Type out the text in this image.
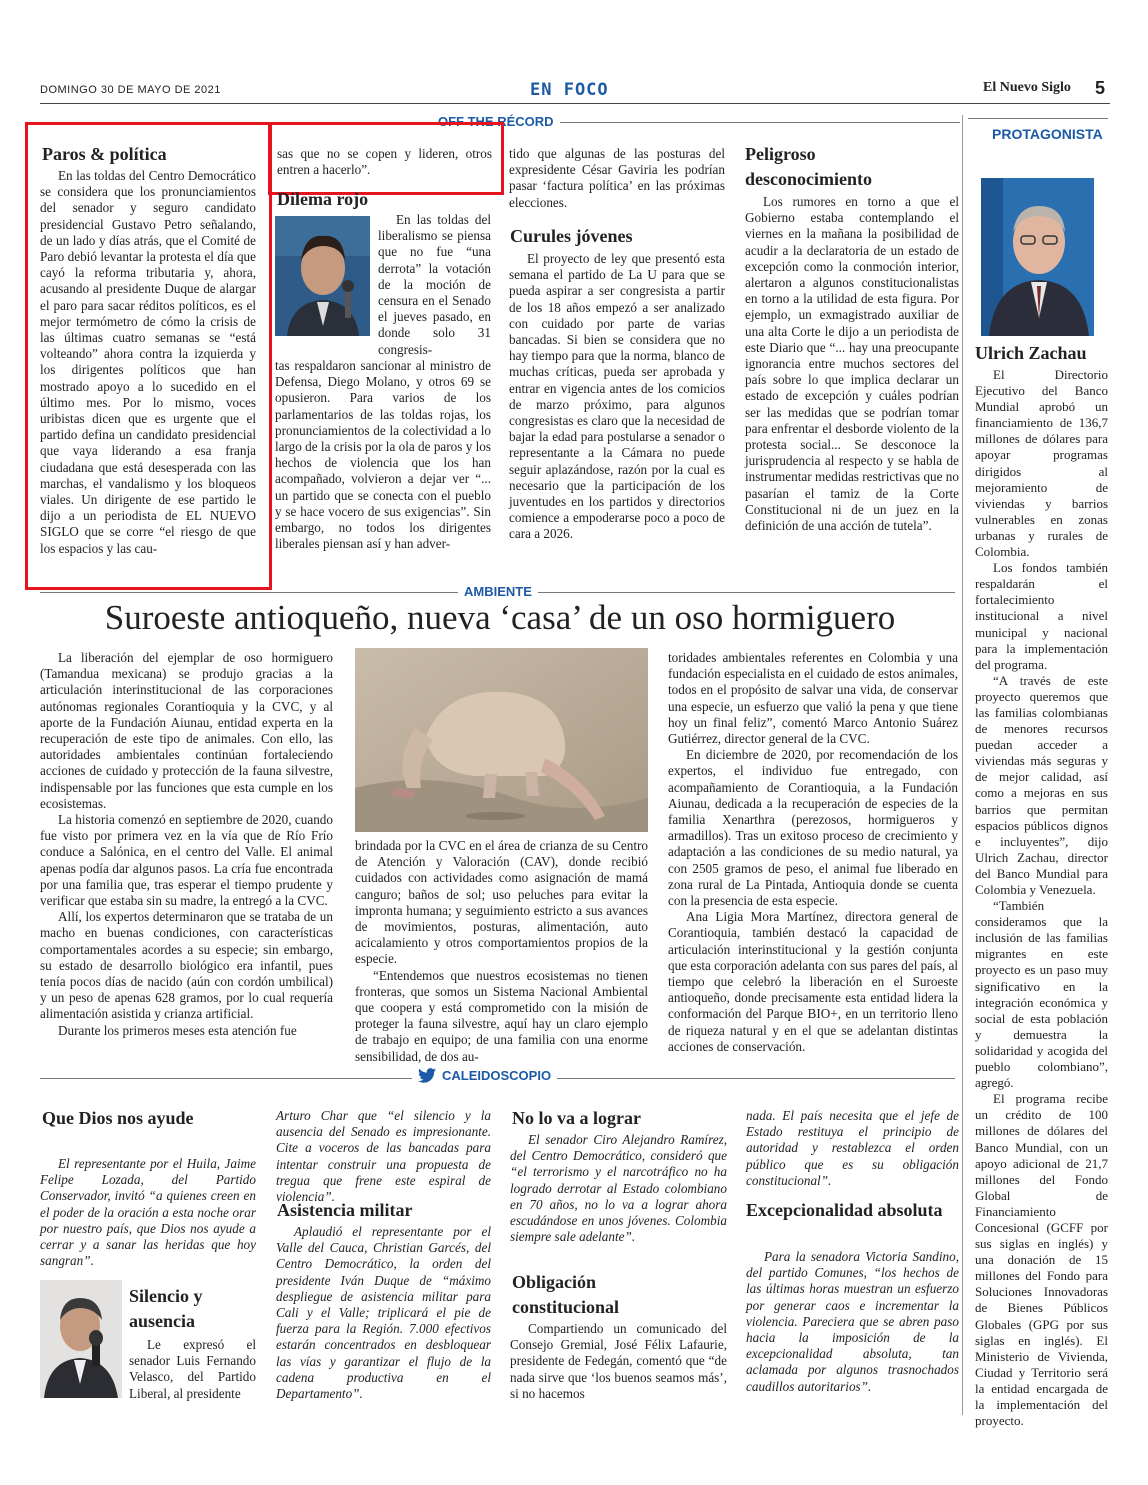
DOMINGO 30 DE MAYO DE 2021	EN FOCO	El Nuevo Siglo 5
OFF THE RÉCORD
PROTAGONISTA
Paros & política

En las toldas del Centro Democrático se considera que los pronunciamientos del senador y seguro candidato presidencial Gustavo Petro señalando, de un lado y días atrás, que el Comité de Paro debió levantar la protesta el día que cayó la reforma tributaria y, ahora, acusando al presidente Duque de alargar el paro para sacar réditos políticos, es el mejor termómetro de cómo la crisis de las últimas cuatro semanas se “está volteando” ahora contra la izquierda y los dirigentes políticos que han mostrado apoyo a lo sucedido en el último mes. Por lo mismo, voces uribistas dicen que es urgente que el partido defina un candidato presidencial que vaya liderando a esa franja ciudadana que está desesperada con las marchas, el vandalismo y los bloqueos viales. Un dirigente de ese partido le dijo a un periodista de EL NUEVO SIGLO que se corre “el riesgo de que los espacios y las cau-

sas que no se copen y lideren, otros entren a hacerlo”.

Dilema rojo

En las toldas del liberalismo se piensa que no fue “una derrota” la votación de la moción de censura en el Senado el jueves pasado, en donde solo 31 congresis-

tas respaldaron sancionar al ministro de Defensa, Diego Molano, y otros 69 se opusieron. Para varios de los parlamentarios de las toldas rojas, los pronunciamientos de la colectividad a lo largo de la crisis por la ola de paros y los hechos de violencia que los han acompañado, volvieron a dejar ver “... un partido que se conecta con el pueblo y se hace vocero de sus exigencias”. Sin embargo, no todos los dirigentes liberales piensan así y han adver-

tido que algunas de las posturas del expresidente César Gaviria les podrían pasar ‘factura política’ en las próximas elecciones.

Curules jóvenes

El proyecto de ley que presentó esta semana el partido de La U para que se pueda aspirar a ser congresista a partir de los 18 años empezó a ser analizado con cuidado por parte de varias bancadas. Si bien se considera que no hay tiempo para que la norma, blanco de muchas críticas, pueda ser aprobada y entrar en vigencia antes de los comicios de marzo próximo, para algunos congresistas es claro que la necesidad de bajar la edad para postularse a senador o representante a la Cámara no puede seguir aplazándose, razón por la cual es necesario que la participación de los juventudes en los partidos y directorios comience a empoderarse poco a poco de cara a 2026.

Peligroso desconocimiento

Los rumores en torno a que el Gobierno estaba contemplando el viernes en la mañana la posibilidad de acudir a la declaratoria de un estado de excepción como la conmoción interior, alertaron a algunos constitucionalistas en torno a la utilidad de esta figura. Por ejemplo, un exmagistrado auxiliar de una alta Corte le dijo a un periodista de este Diario que “... hay una preocupante ignorancia entre muchos sectores del país sobre lo que implica declarar un estado de excepción y cuáles podrían ser las medidas que se podrían tomar para enfrentar el desborde violento de la protesta social... Se desconoce la jurisprudencia al respecto y se habla de instrumentar medidas restrictivas que no pasarían el tamiz de la Corte Constitucional ni de un juez en la definición de una acción de tutela”.

Ulrich Zachau

El Directorio Ejecutivo del Banco Mundial aprobó un financiamiento de 136,7 millones de dólares para apoyar programas dirigidos al mejoramiento de viviendas y barrios vulnerables en zonas urbanas y rurales de Colombia.

Los fondos también respaldarán el fortalecimiento institucional a nivel municipal y nacional para la implementación del programa.

“A través de este proyecto queremos que las familias colombianas de menores recursos puedan acceder a viviendas más seguras y de mejor calidad, así como a mejoras en sus barrios que permitan espacios públicos dignos e incluyentes”, dijo Ulrich Zachau, director del Banco Mundial para Colombia y Venezuela.

“También consideramos que la inclusión de las familias migrantes en este proyecto es un paso muy significativo en la integración económica y social de esta población y demuestra la solidaridad y acogida del pueblo colombiano”, agregó.

El programa recibe un crédito de 100 millones de dólares del Banco Mundial, con un apoyo adicional de 21,7 millones del Fondo Global de Financiamiento Concesional (GCFF por sus siglas en inglés) y una donación de 15 millones del Fondo para Soluciones Innovadoras de Bienes Públicos Globales (GPG por sus siglas en inglés). El Ministerio de Vivienda, Ciudad y Territorio será la entidad encargada de la implementación del proyecto.

AMBIENTE
Suroeste antioqueño, nueva ‘casa’ de un oso hormiguero

La liberación del ejemplar de oso hormiguero (Tamandua mexicana) se produjo gracias a la articulación interinstitucional de las corporaciones autónomas regionales Corantioquia y la CVC, y al aporte de la Fundación Aiunau, entidad experta en la recuperación de este tipo de animales. Con ello, las autoridades ambientales continúan fortaleciendo acciones de cuidado y protección de la fauna silvestre, indispensable por las funciones que esta cumple en los ecosistemas.

La historia comenzó en septiembre de 2020, cuando fue visto por primera vez en la vía que de Río Frío conduce a Salónica, en el centro del Valle. El animal apenas podía dar algunos pasos. La cría fue encontrada por una familia que, tras esperar el tiempo prudente y verificar que estaba sin su madre, la entregó a la CVC.

Allí, los expertos determinaron que se trataba de un macho en buenas condiciones, con características comportamentales acordes a su especie; sin embargo, su estado de desarrollo biológico era infantil, pues tenía pocos días de nacido (aún con cordón umbilical) y un peso de apenas 628 gramos, por lo cual requería alimentación asistida y crianza artificial.

Durante los primeros meses esta atención fue

brindada por la CVC en el área de crianza de su Centro de Atención y Valoración (CAV), donde recibió cuidados con actividades como asignación de mamá canguro; baños de sol; uso peluches para evitar la impronta humana; y seguimiento estricto a sus avances de movimientos, posturas, alimentación, auto acicalamiento y otros comportamientos propios de la especie.

“Entendemos que nuestros ecosistemas no tienen fronteras, que somos un Sistema Nacional Ambiental que coopera y está comprometido con la misión de proteger la fauna silvestre, aquí hay un claro ejemplo de trabajo en equipo; de una familia con una enorme sensibilidad, de dos au-

toridades ambientales referentes en Colombia y una fundación especialista en el cuidado de estos animales, todos en el propósito de salvar una vida, de conservar una especie, un esfuerzo que valió la pena y que tiene hoy un final feliz”, comentó Marco Antonio Suárez Gutiérrez, director general de la CVC.

En diciembre de 2020, por recomendación de los expertos, el individuo fue entregado, con acompañamiento de Corantioquia, a la Fundación Aiunau, dedicada a la recuperación de especies de la familia Xenarthra (perezosos, hormigueros y armadillos). Tras un exitoso proceso de crecimiento y adaptación a las condiciones de su medio natural, ya con 2505 gramos de peso, el animal fue liberado en zona rural de La Pintada, Antioquia donde se cuenta con la presencia de esta especie.

Ana Ligia Mora Martínez, directora general de Corantioquia, también destacó la capacidad de articulación interinstitucional y la gestión conjunta que esta corporación adelanta con sus pares del país, al tiempo que celebró la liberación en el Suroeste antioqueño, donde precisamente esta entidad lidera la conformación del Parque BIO+, en un territorio lleno de riqueza natural y en el que se adelantan distintas acciones de conservación.

CALEIDOSCOPIO
Que Dios nos ayude

El representante por el Huila, Jaime Felipe Lozada, del Partido Conservador, invitó “a quienes creen en el poder de la oración a esta noche orar por nuestro país, que Dios nos ayude a cerrar y a sanar las heridas que hoy sangran”.

Silencio y ausencia

Le expresó el senador Luis Fernando Velasco, del Partido Liberal, al presidente

Arturo Char que “el silencio y la ausencia del Senado es impresionante. Cite a voceros de las bancadas para intentar construir una propuesta de tregua que frene este espiral de violencia”.

Asistencia militar

Aplaudió el representante por el Valle del Cauca, Christian Garcés, del Centro Democrático, la orden del presidente Iván Duque de “máximo despliegue de asistencia militar para Cali y el Valle; triplicará el pie de fuerza para la Región. 7.000 efectivos estarán concentrados en desbloquear las vías y garantizar el flujo de la cadena productiva en el Departamento”.

No lo va a lograr

El senador Ciro Alejandro Ramírez, del Centro Democrático, consideró que “el terrorismo y el narcotráfico no ha logrado derrotar al Estado colombiano en 70 años, no lo va a lograr ahora escudándose en unos jóvenes. Colombia siempre sale adelante”.

Obligación constitucional

Compartiendo un comunicado del Consejo Gremial, José Félix Lafaurie, presidente de Fedegán, comentó que “de nada sirve que ‘los buenos seamos más’, si no hacemos

nada. El país necesita que el jefe de Estado restituya el principio de autoridad y restablezca el orden público que es su obligación constitucional”.

Excepcionalidad absoluta

Para la senadora Victoria Sandino, del partido Comunes, “los hechos de las últimas horas muestran un esfuerzo por generar caos e incrementar la violencia. Pareciera que se abren paso hacia la imposición de la excepcionalidad absoluta, tan aclamada por algunos trasnochados caudillos autoritarios”.
